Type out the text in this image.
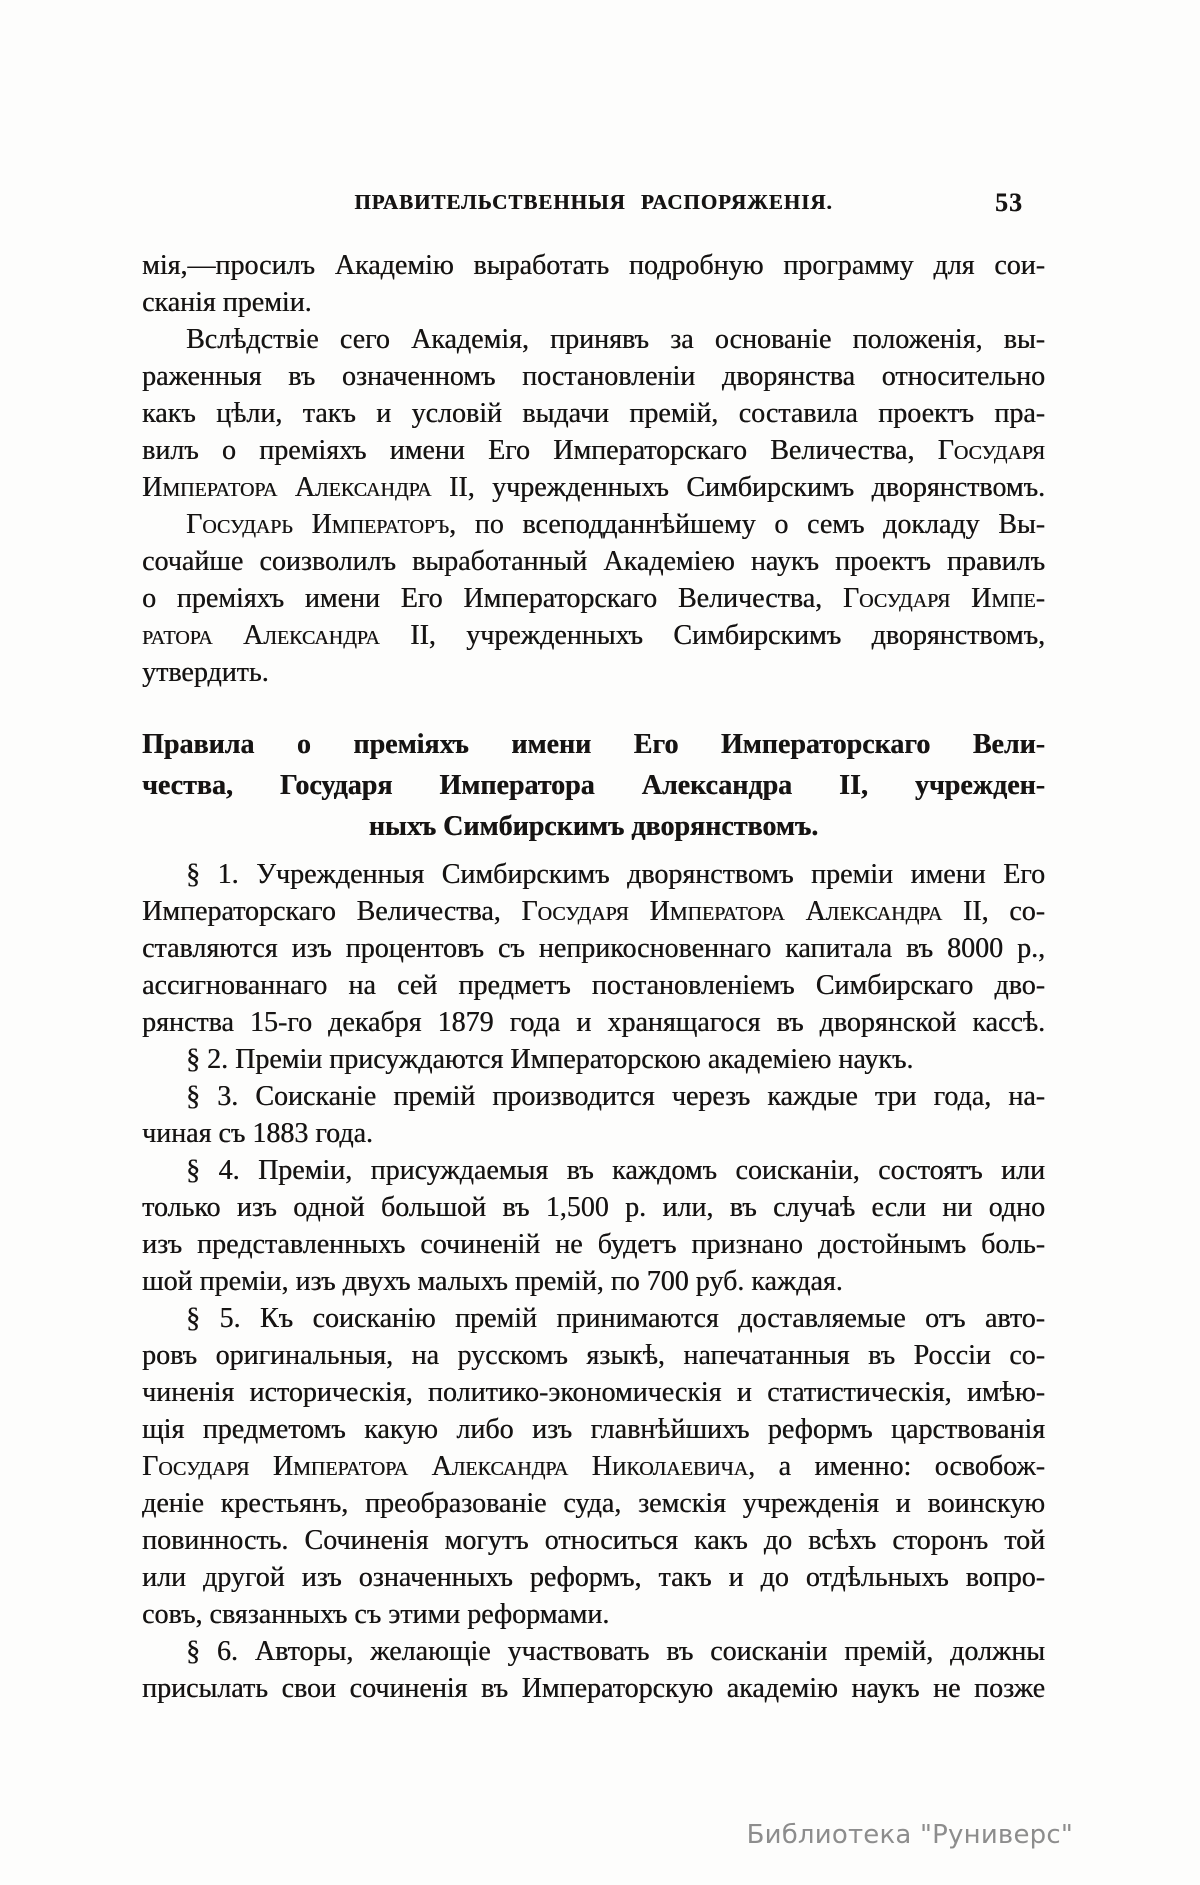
ПРАВИТЕЛЬСТВЕННЫЯ РАСПОРЯЖЕНІЯ.	53
мія,—просилъ Академію выработать подробную программу для сои-
сканія преміи.
Вслѣдствіе сего Академія, принявъ за основаніе положенія, вы-
раженныя въ означенномъ постановленіи дворянства относительно
какъ цѣли, такъ и условій выдачи премій, составила проектъ пра-
вилъ о преміяхъ имени Его Императорскаго Величества, Государя
Императора Александра II, учрежденныхъ Симбирскимъ дворянствомъ.
Государь Императоръ, по всеподданнѣйшему о семъ докладу Вы-
сочайше соизволилъ выработанный Академіею наукъ проектъ правилъ
о преміяхъ имени Его Императорскаго Величества, Государя Импе-
ратора Александра II, учрежденныхъ Симбирскимъ дворянствомъ,
утвердить.
Правила о преміяхъ имени Его Императорскаго Вели-
чества, Государя Императора Александра II, учрежден-
ныхъ Симбирскимъ дворянствомъ.
§ 1. Учрежденныя Симбирскимъ дворянствомъ преміи имени Его
Императорскаго Величества, Государя Императора Александра II, со-
ставляются изъ процентовъ съ неприкосновеннаго капитала въ 8000 р.,
ассигнованнаго на сей предметъ постановленіемъ Симбирскаго дво-
рянства 15-го декабря 1879 года и хранящагося въ дворянской кассѣ.
§ 2. Преміи присуждаются Императорскою академіею наукъ.
§ 3. Соисканіе премій производится черезъ каждые три года, на-
чиная съ 1883 года.
§ 4. Преміи, присуждаемыя въ каждомъ соисканіи, состоятъ или
только изъ одной большой въ 1,500 р. или, въ случаѣ если ни одно
изъ представленныхъ сочиненій не будетъ признано достойнымъ боль-
шой преміи, изъ двухъ малыхъ премій, по 700 руб. каждая.
§ 5. Къ соисканію премій принимаются доставляемые отъ авто-
ровъ оригинальныя, на русскомъ языкѣ, напечатанныя въ Россіи со-
чиненія историческія, политико-экономическія и статистическія, имѣю-
щія предметомъ какую либо изъ главнѣйшихъ реформъ царствованія
Государя Императора Александра Николаевича, а именно: освобож-
деніе крестьянъ, преобразованіе суда, земскія учрежденія и воинскую
повинность. Сочиненія могутъ относиться какъ до всѣхъ сторонъ той
или другой изъ означенныхъ реформъ, такъ и до отдѣльныхъ вопро-
совъ, связанныхъ съ этими реформами.
§ 6. Авторы, желающіе участвовать въ соисканіи премій, должны
присылать свои сочиненія въ Императорскую академію наукъ не позже
Библиотека "Руниверс"
